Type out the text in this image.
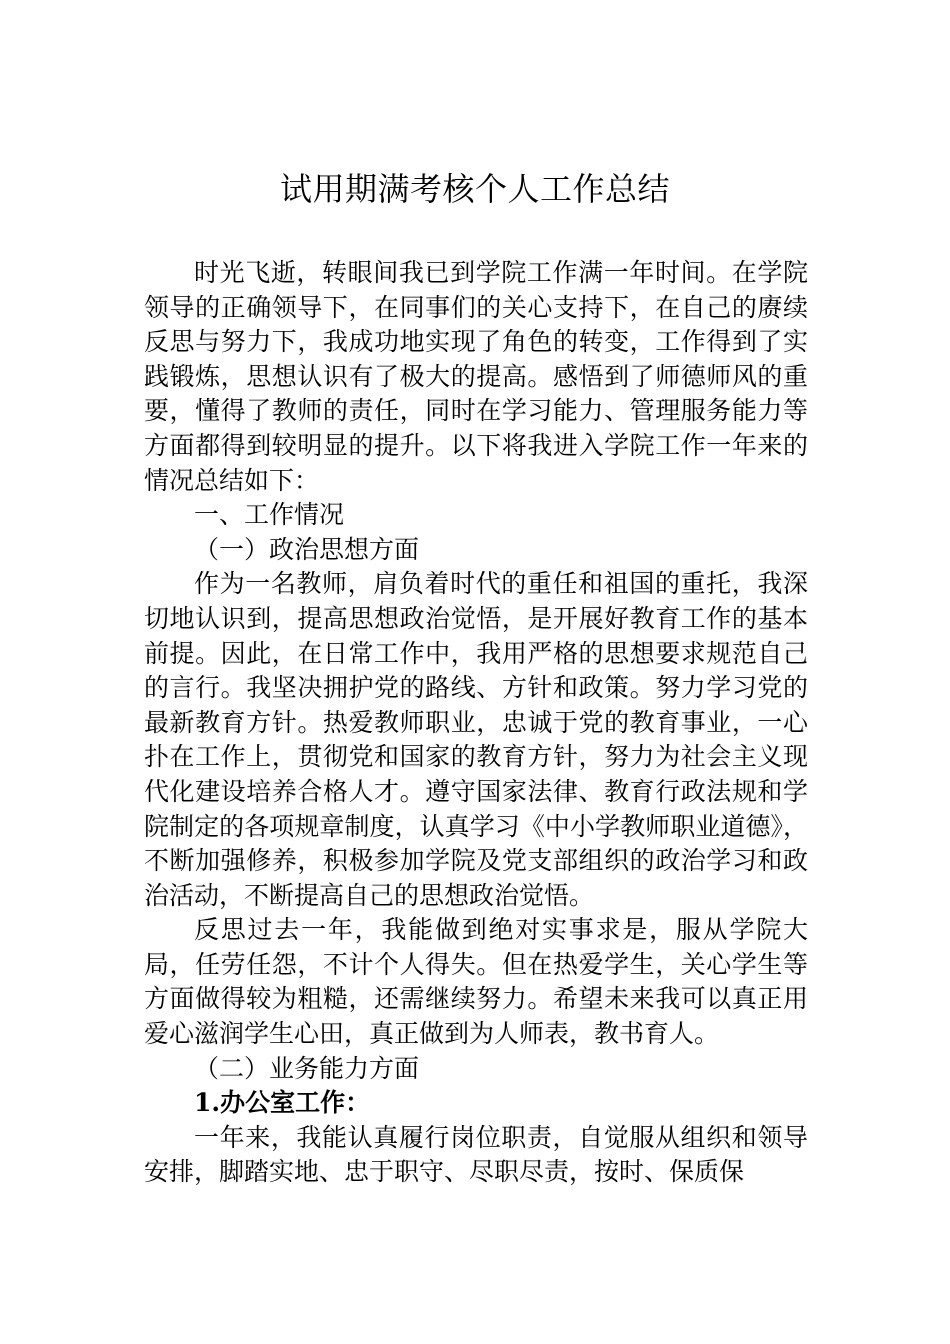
试用期满考核个人工作总结

时光飞逝，转眼间我已到学院工作满一年时间。在学院领导的正确领导下，在同事们的关心支持下，在自己的赓续反思与努力下，我成功地实现了角色的转变，工作得到了实践锻炼，思想认识有了极大的提高。感悟到了师德师风的重要，懂得了教师的责任，同时在学习能力、管理服务能力等方面都得到较明显的提升。以下将我进入学院工作一年来的情况总结如下：

一、工作情况

（一）政治思想方面

作为一名教师，肩负着时代的重任和祖国的重托，我深切地认识到，提高思想政治觉悟，是开展好教育工作的基本前提。因此，在日常工作中，我用严格的思想要求规范自己的言行。我坚决拥护党的路线、方针和政策。努力学习党的最新教育方针。热爱教师职业，忠诚于党的教育事业，一心扑在工作上，贯彻党和国家的教育方针，努力为社会主义现代化建设培养合格人才。遵守国家法律、教育行政法规和学院制定的各项规章制度，认真学习《中小学教师职业道德》，不断加强修养，积极参加学院及党支部组织的政治学习和政治活动，不断提高自己的思想政治觉悟。

反思过去一年，我能做到绝对实事求是，服从学院大局，任劳任怨，不计个人得失。但在热爱学生，关心学生等方面做得较为粗糙，还需继续努力。希望未来我可以真正用爱心滋润学生心田，真正做到为人师表，教书育人。

（二）业务能力方面

1.办公室工作：

一年来，我能认真履行岗位职责，自觉服从组织和领导安排，脚踏实地、忠于职守、尽职尽责，按时、保质保
